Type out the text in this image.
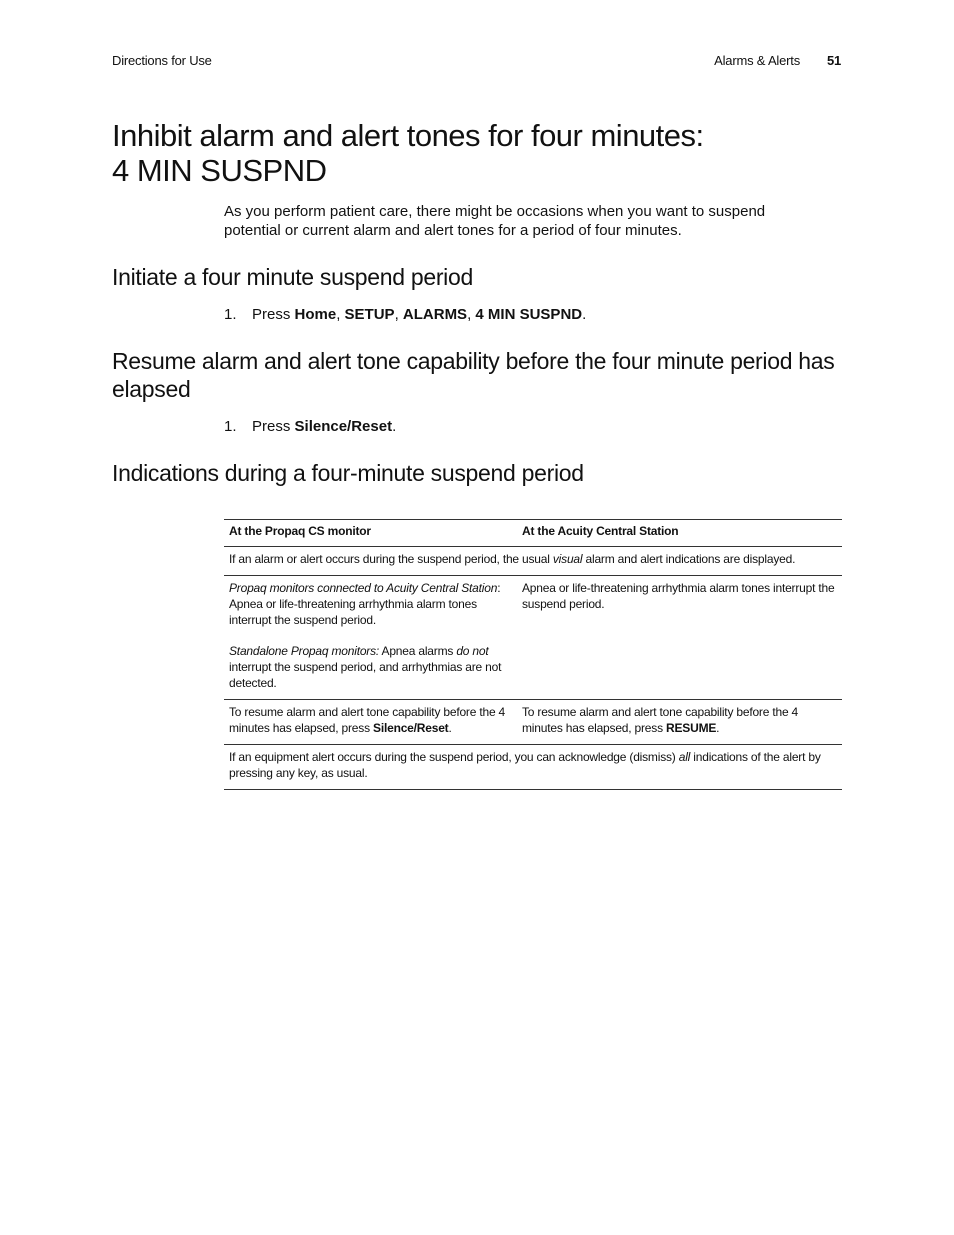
Directions for Use	Alarms & Alerts 51
Inhibit alarm and alert tones for four minutes:
4 MIN SUSPND

As you perform patient care, there might be occasions when you want to suspend potential or current alarm and alert tones for a period of four minutes.

Initiate a four minute suspend period

1. Press Home, SETUP, ALARMS, 4 MIN SUSPND.

Resume alarm and alert tone capability before the four minute period has
elapsed

1. Press Silence/Reset.

Indications during a four-minute suspend period
At the Propaq CS monitor	At the Acuity Central Station
If an alarm or alert occurs during the suspend period, the usual visual alarm and alert indications are displayed.	
Propaq monitors connected to Acuity Central Station: Apnea or life-threatening arrhythmia alarm tones interrupt the suspend period.
Standalone Propaq monitors: Apnea alarms do not interrupt the suspend period, and arrhythmias are not detected.	Apnea or life-threatening arrhythmia alarm tones interrupt the suspend period.
To resume alarm and alert tone capability before the 4 minutes has elapsed, press Silence/Reset.	To resume alarm and alert tone capability before the 4 minutes has elapsed, press RESUME.
If an equipment alert occurs during the suspend period, you can acknowledge (dismiss) all indications of the alert by pressing any key, as usual.	
